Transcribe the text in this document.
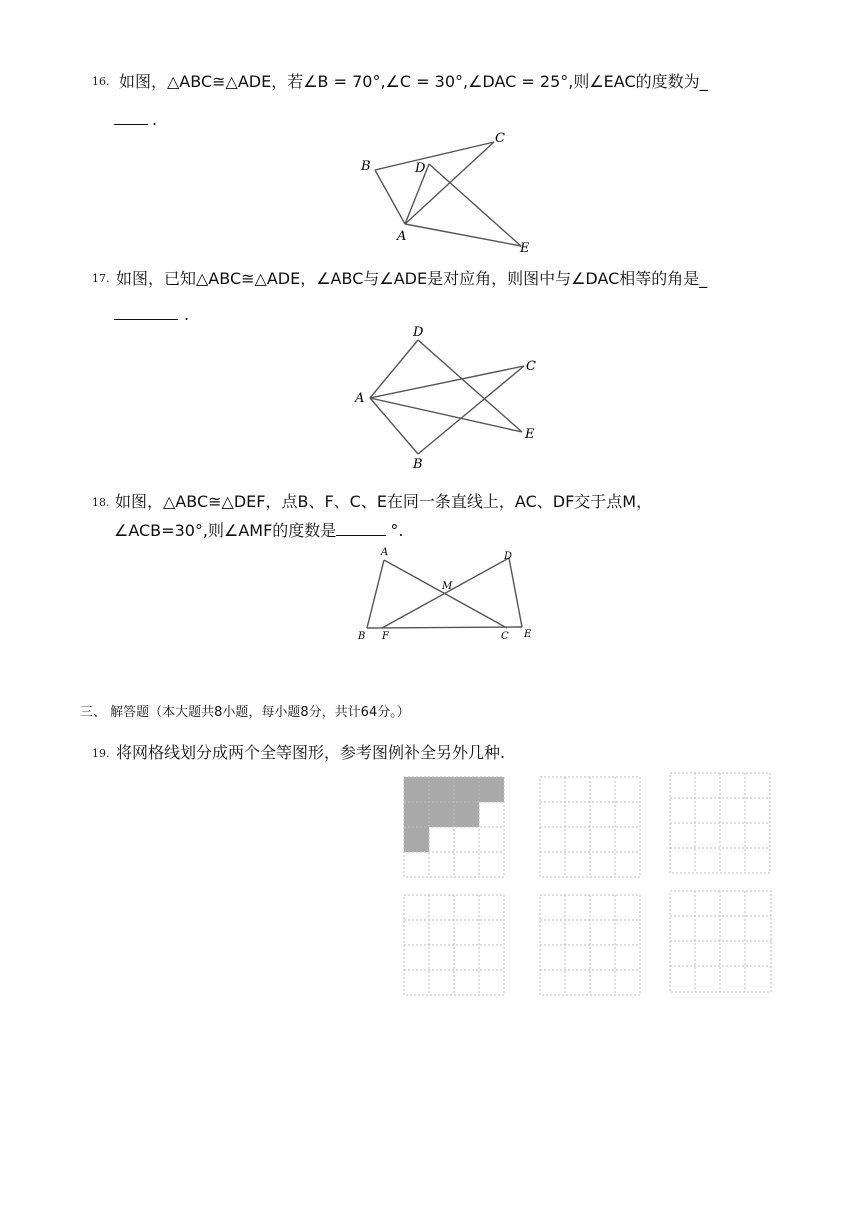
16. 如图，△ABC≅△ADE，若∠B = 70°,∠C = 30°,∠DAC = 25°,则∠EAC的度数为_
.
B	D
C
A
E
17. 如图，已知△ABC≅△ADE，∠ABC与∠ADE是对应角，则图中与∠DAC相等的角是_
.
D
C
A
E
B
18. 如图，△ABC≅△DEF，点B、F、C、E在同一条直线上，AC、DF交于点M，
∠ACB=30°,则∠AMF的度数是	°.
A	D
M
B F	C E
三、 解答题（本大题共8小题，每小题8分，共计64分。）
19. 将网格线划分成两个全等图形，参考图例补全另外几种.
